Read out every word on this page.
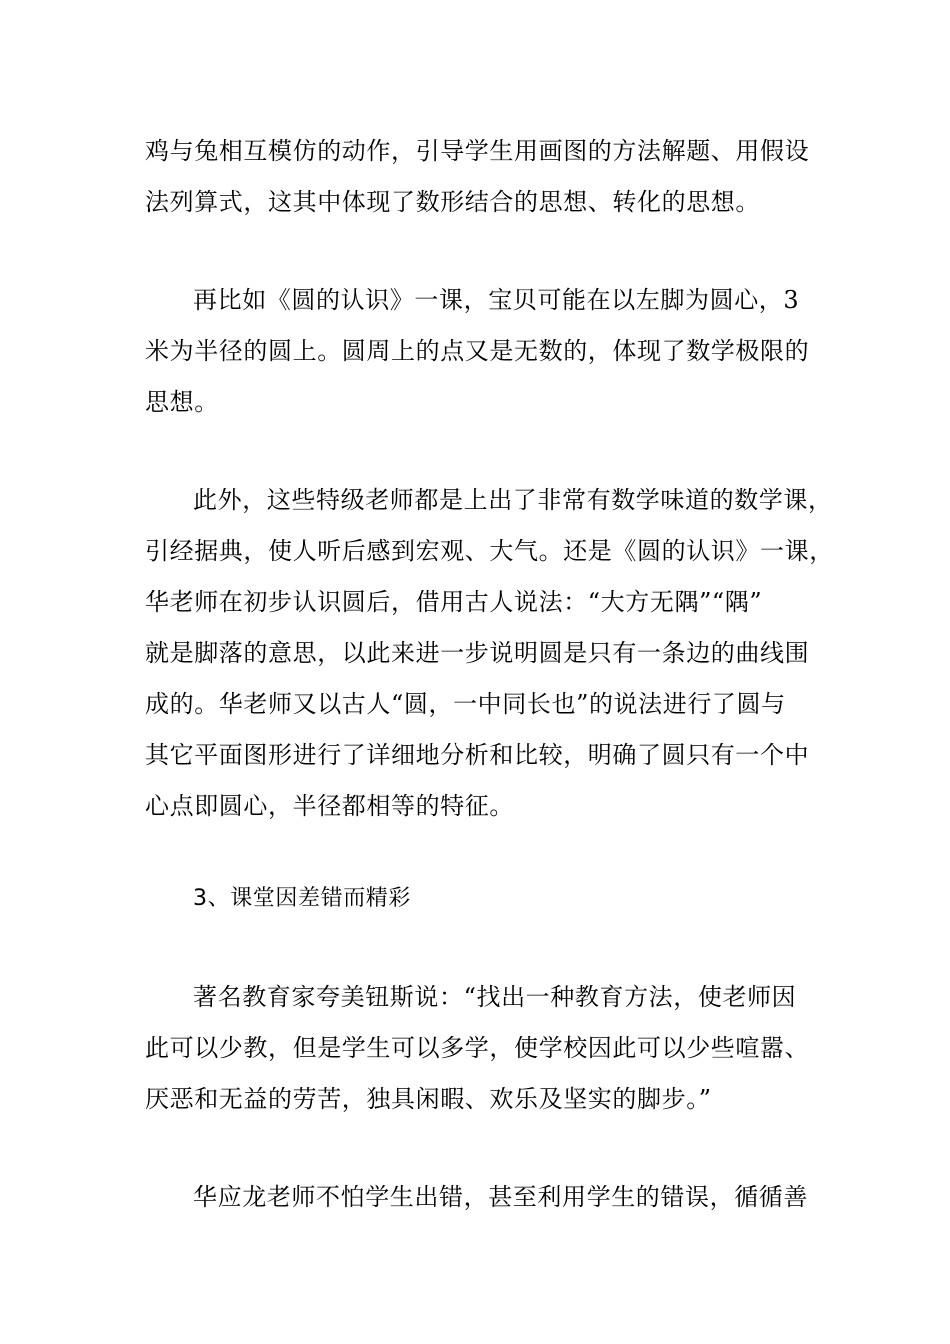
鸡与兔相互模仿的动作，引导学生用画图的方法解题、用假设
法列算式，这其中体现了数形结合的思想、转化的思想。
再比如《圆的认识》一课，宝贝可能在以左脚为圆心，3
米为半径的圆上。圆周上的点又是无数的，体现了数学极限的
思想。
此外，这些特级老师都是上出了非常有数学味道的数学课，
引经据典，使人听后感到宏观、大气。还是《圆的认识》一课，
华老师在初步认识圆后，借用古人说法：“大方无隅”“隅”
就是脚落的意思，以此来进一步说明圆是只有一条边的曲线围
成的。华老师又以古人“圆，一中同长也”的说法进行了圆与
其它平面图形进行了详细地分析和比较，明确了圆只有一个中
心点即圆心，半径都相等的特征。
3、课堂因差错而精彩
著名教育家夸美钮斯说：“找出一种教育方法，使老师因
此可以少教，但是学生可以多学，使学校因此可以少些喧嚣、
厌恶和无益的劳苦，独具闲暇、欢乐及坚实的脚步。”
华应龙老师不怕学生出错，甚至利用学生的错误，循循善
